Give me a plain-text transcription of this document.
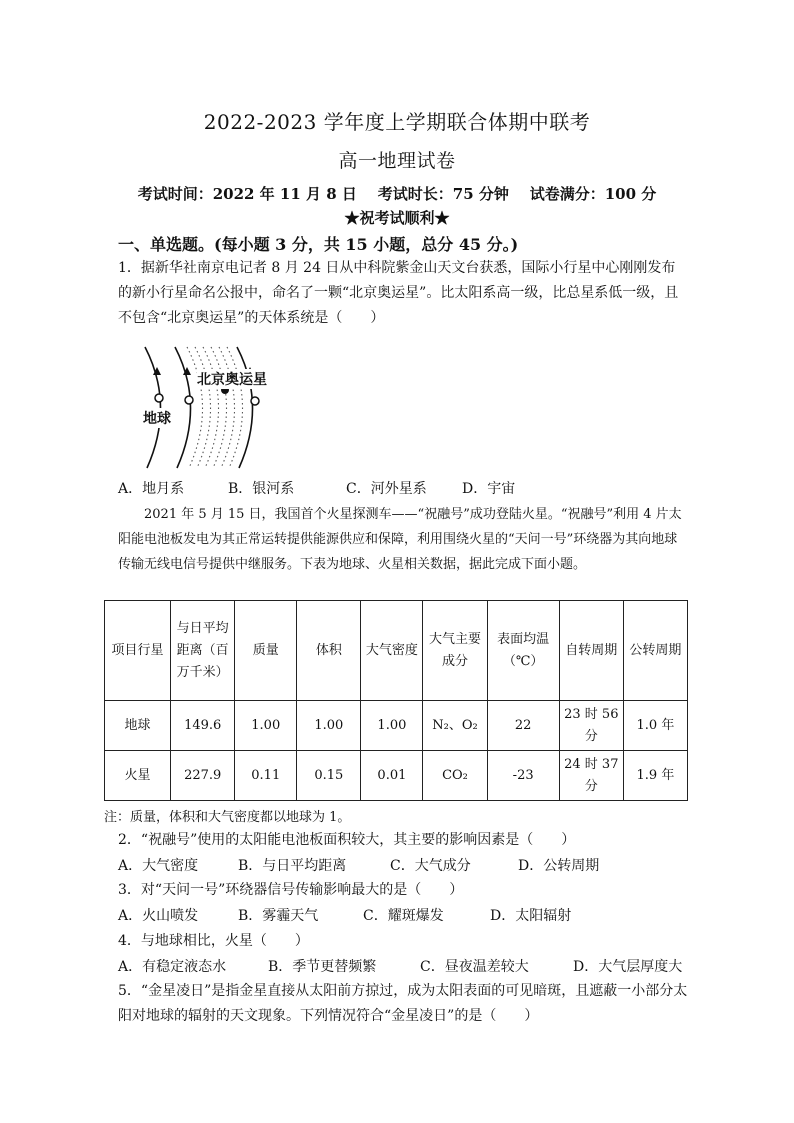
2022-2023 学年度上学期联合体期中联考
高一地理试卷
考试时间：2022 年 11 月 8 日    考试时长：75 分钟    试卷满分：100 分
★祝考试顺利★
一、单选题。(每小题 3 分，共 15 小题，总分 45 分。)
1．据新华社南京电记者 8 月 24 日从中科院紫金山天文台获悉，国际小行星中心刚刚发布的新小行星命名公报中，命名了一颗“北京奥运星”。比太阳系高一级，比总星系低一级，且不包含“北京奥运星”的天体系统是（　　）
北京奥运星
地球
A．地月系	B．银河系	C．河外星系	D．宇宙
2021 年 5 月 15 日，我国首个火星探测车——“祝融号”成功登陆火星。“祝融号”利用 4 片太阳能电池板发电为其正常运转提供能源供应和保障，利用围绕火星的“天问一号”环绕器为其向地球传输无线电信号提供中继服务。下表为地球、火星相关数据，据此完成下面小题。
项目行星	与日平均距离（百万千米）	质量	体积	大气密度	大气主要成分	表面均温（℃）	自转周期	公转周期
地球	149.6	1.00	1.00	1.00	N₂、O₂	22	23 时 56 分	1.0 年
火星	227.9	0.11	0.15	0.01	CO₂	-23	24 时 37 分	1.9 年
注：质量，体积和大气密度都以地球为 1。
2．“祝融号”使用的太阳能电池板面积较大，其主要的影响因素是（　　）
A．大气密度	B．与日平均距离	C．大气成分	D．公转周期
3．对“天问一号”环绕器信号传输影响最大的是（　　）
A．火山喷发	B．雾霾天气	C．耀斑爆发	D．太阳辐射
4．与地球相比，火星（　　）
A．有稳定液态水	B．季节更替频繁	C．昼夜温差较大	D．大气层厚度大
5．“金星凌日”是指金星直接从太阳前方掠过，成为太阳表面的可见暗斑，且遮蔽一小部分太阳对地球的辐射的天文现象。下列情况符合“金星凌日”的是（　　）
